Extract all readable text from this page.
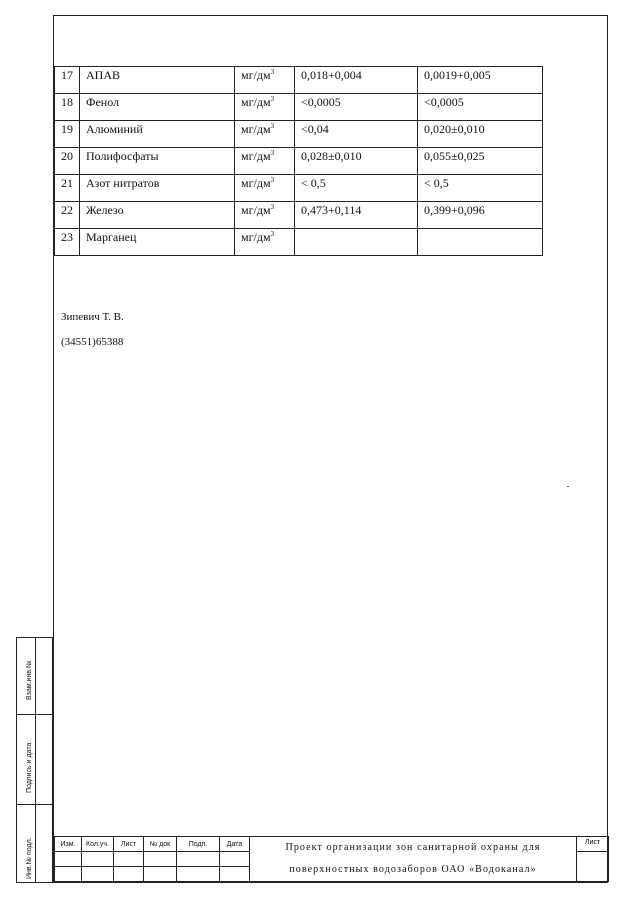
17	АПАВ	$мг/дм^3$	0,018+0,004	0,0019+0,005
18	Фенол	$мг/дм^3$	<0,0005	<0,0005
19	Алюминий	$мг/дм^3$	<0,04	0,020±0,010
20	Полифосфаты	$мг/дм^3$	0,028±0,010	0,055±0,025
21	Азот нитратов	$мг/дм^3$	< 0,5	< 0,5
22	Железо	$мг/дм^3$	0,473+0,114	0,399+0,096
23	Марганец	$мг/дм^3$		
Зипевич Т. В.
(34551)65388
Взам.инв.№
Подпись и дата
Инв.№ подл.	Изм.	Кол.уч.	Лист	№ док	Подп.	Дата	Проект организации зон санитарной охраны для
поверхностных водозаборов ОАО «Водоканал»	Лист
